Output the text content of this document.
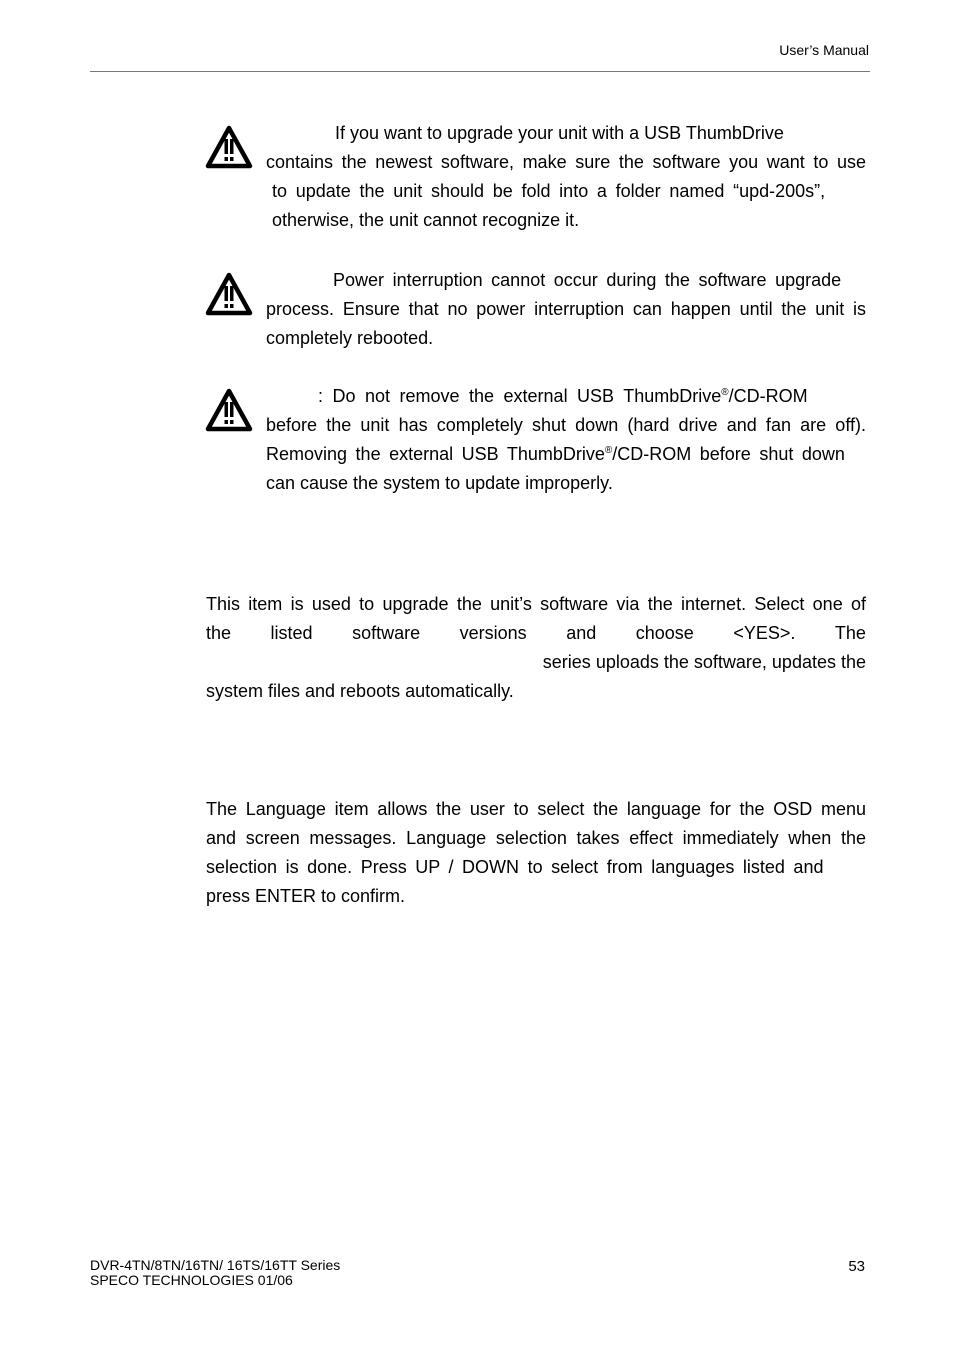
User’s Manual
If you want to upgrade your unit with a USB ThumbDrive
contains the newest software, make sure the software you want to use
to update the unit should be fold into a folder named “upd-200s”,
otherwise, the unit cannot recognize it.
Power interruption cannot occur during the software upgrade
process. Ensure that no power interruption can happen until the unit is
completely rebooted.
: Do not remove the external USB ThumbDrive®/CD-ROM
before the unit has completely shut down (hard drive and fan are off).
Removing the external USB ThumbDrive®/CD-ROM before shut down
can cause the system to update improperly.
This item is used to upgrade the unit’s software via the internet. Select one of
the listed software versions and choose <YES>. The
series uploads the software, updates the
system files and reboots automatically.
The Language item allows the user to select the language for the OSD menu
and screen messages. Language selection takes effect immediately when the
selection is done. Press UP / DOWN to select from languages listed and
press ENTER to confirm.
DVR-4TN/8TN/16TN/ 16TS/16TT Series
SPECO TECHNOLOGIES 01/06
53
